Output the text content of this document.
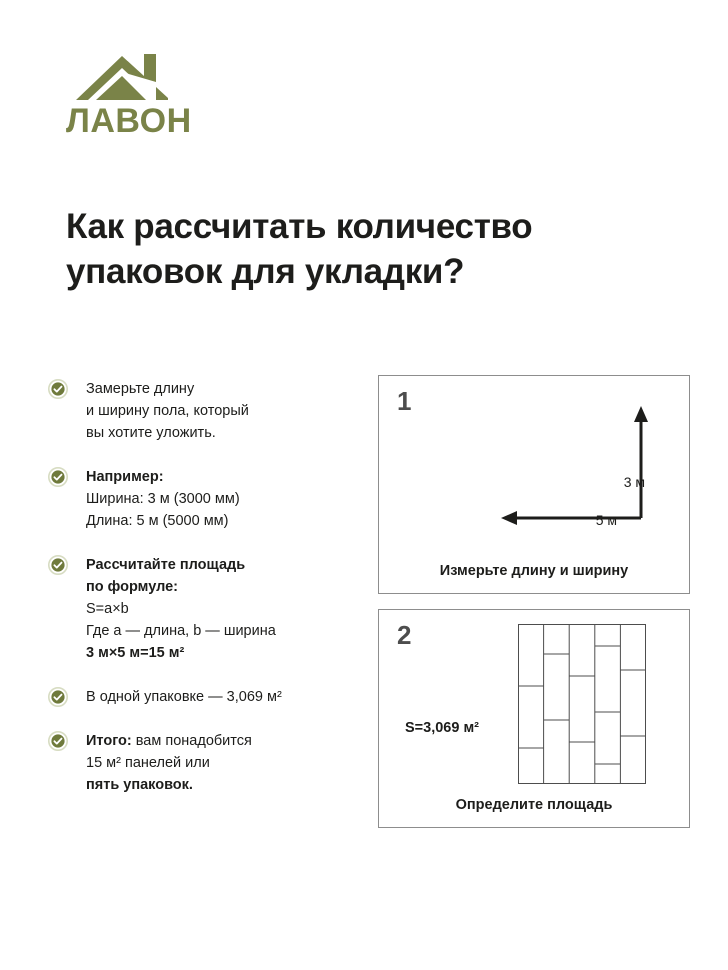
ЛАВОН
Как рассчитать количество упаковок для укладки?
Замерьте длину
и ширину пола, который
вы хотите уложить.
Например:
Ширина: 3 м (3000 мм)
Длина: 5 м (5000 мм)
Рассчитайте площадь
по формуле:
S=a×b
Где a — длина, b — ширина
3 м×5 м=15 м²
В одной упаковке — 3,069 м²
Итого: вам понадобится
15 м² панелей или
пять упаковок.
1
3 м
5 м
Измерьте длину и ширину
2
S=3,069 м²
Определите площадь
